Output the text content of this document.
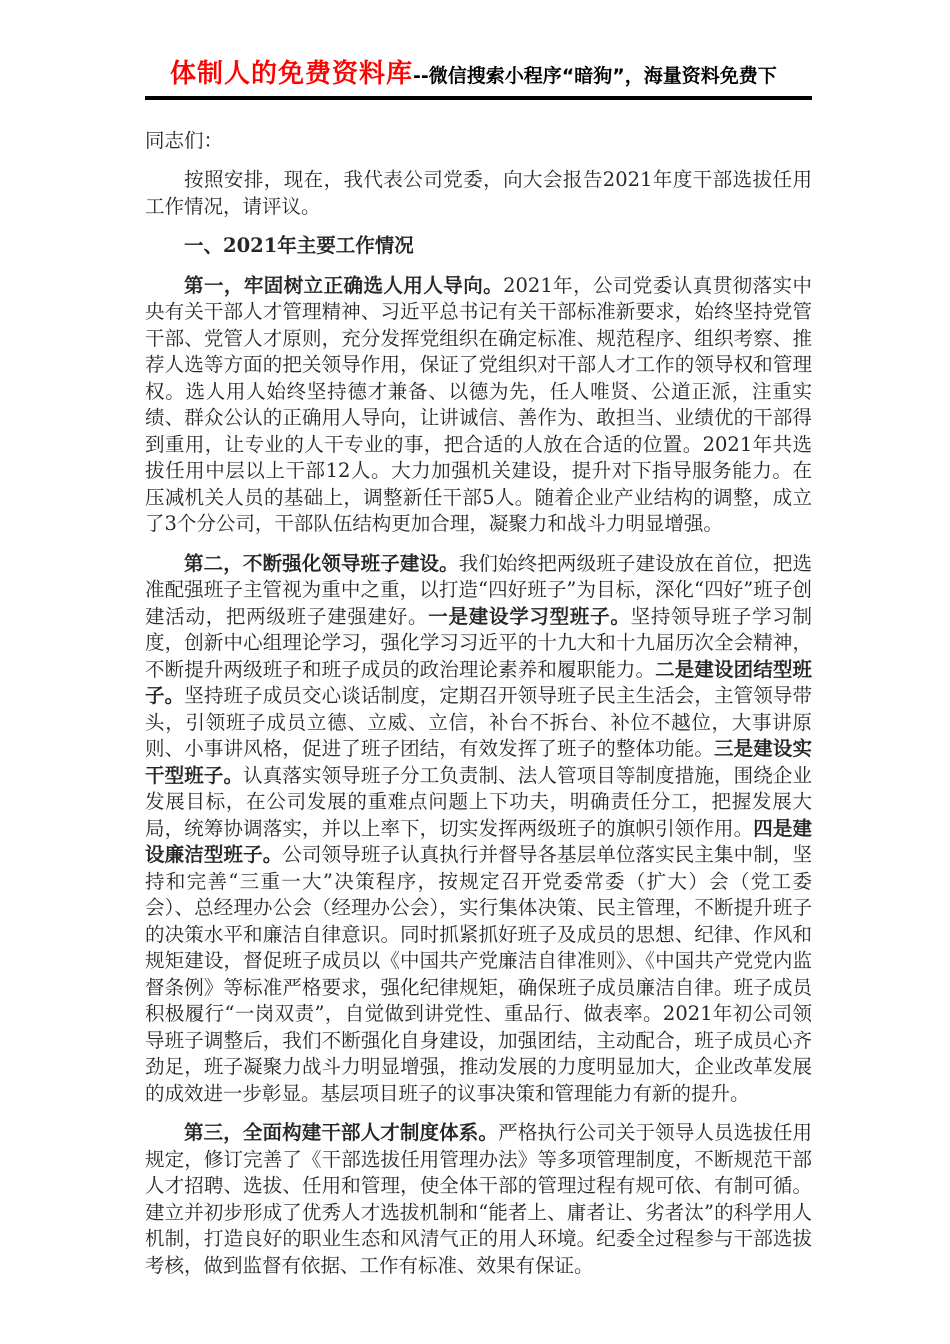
体制人的免费资料库--微信搜索小程序“暗狗”，海量资料免费下

同志们：

按照安排，现在，我代表公司党委，向大会报告2021年度干部选拔任用工作情况，请评议。

一、2021年主要工作情况

第一，牢固树立正确选人用人导向。2021年，公司党委认真贯彻落实中央有关干部人才管理精神、习近平总书记有关干部标准新要求，始终坚持党管干部、党管人才原则，充分发挥党组织在确定标准、规范程序、组织考察、推荐人选等方面的把关领导作用，保证了党组织对干部人才工作的领导权和管理权。选人用人始终坚持德才兼备、以德为先，任人唯贤、公道正派，注重实绩、群众公认的正确用人导向，让讲诚信、善作为、敢担当、业绩优的干部得到重用，让专业的人干专业的事，把合适的人放在合适的位置。2021年共选拔任用中层以上干部12人。大力加强机关建设，提升对下指导服务能力。在压减机关人员的基础上，调整新任干部5人。随着企业产业结构的调整，成立了3个分公司，干部队伍结构更加合理，凝聚力和战斗力明显增强。

第二，不断强化领导班子建设。我们始终把两级班子建设放在首位，把选准配强班子主管视为重中之重，以打造“四好班子”为目标，深化“四好”班子创建活动，把两级班子建强建好。一是建设学习型班子。坚持领导班子学习制度，创新中心组理论学习，强化学习习近平的十九大和十九届历次全会精神，不断提升两级班子和班子成员的政治理论素养和履职能力。二是建设团结型班子。坚持班子成员交心谈话制度，定期召开领导班子民主生活会，主管领导带头，引领班子成员立德、立威、立信，补台不拆台、补位不越位，大事讲原则、小事讲风格，促进了班子团结，有效发挥了班子的整体功能。三是建设实干型班子。认真落实领导班子分工负责制、法人管项目等制度措施，围绕企业发展目标，在公司发展的重难点问题上下功夫，明确责任分工，把握发展大局，统筹协调落实，并以上率下，切实发挥两级班子的旗帜引领作用。四是建设廉洁型班子。公司领导班子认真执行并督导各基层单位落实民主集中制，坚持和完善“三重一大”决策程序，按规定召开党委常委（扩大）会（党工委会）、总经理办公会（经理办公会），实行集体决策、民主管理，不断提升班子的决策水平和廉洁自律意识。同时抓紧抓好班子及成员的思想、纪律、作风和规矩建设，督促班子成员以《中国共产党廉洁自律准则》、《中国共产党党内监督条例》等标准严格要求，强化纪律规矩，确保班子成员廉洁自律。班子成员积极履行“一岗双责”，自觉做到讲党性、重品行、做表率。2021年初公司领导班子调整后，我们不断强化自身建设，加强团结，主动配合，班子成员心齐劲足，班子凝聚力战斗力明显增强，推动发展的力度明显加大，企业改革发展的成效进一步彰显。基层项目班子的议事决策和管理能力有新的提升。

第三，全面构建干部人才制度体系。严格执行公司关于领导人员选拔任用规定，修订完善了《干部选拔任用管理办法》等多项管理制度，不断规范干部人才招聘、选拔、任用和管理，使全体干部的管理过程有规可依、有制可循。建立并初步形成了优秀人才选拔机制和“能者上、庸者让、劣者汰”的科学用人机制，打造良好的职业生态和风清气正的用人环境。纪委全过程参与干部选拔考核，做到监督有依据、工作有标准、效果有保证。
